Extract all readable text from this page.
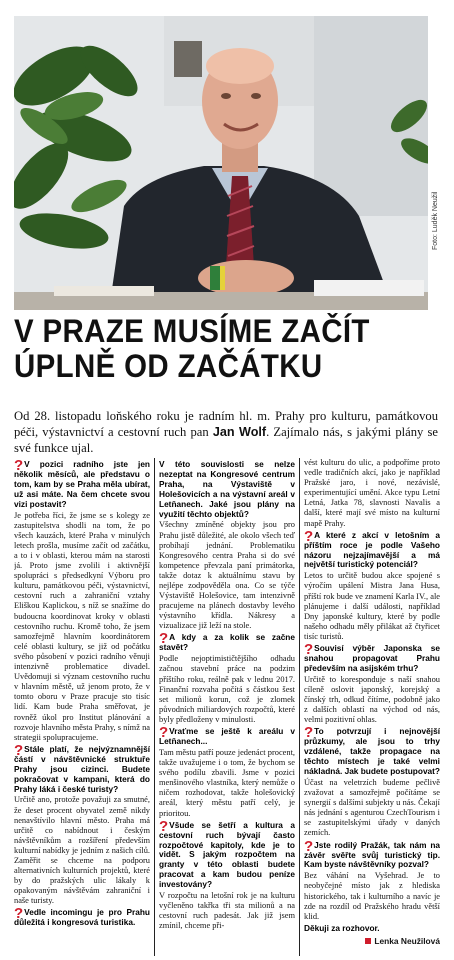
Foto: Luděk Neužil
V PRAZE MUSÍME ZAČÍT
ÚPLNĚ OD ZAČÁTKU
Od 28. listopadu loňského roku je radním hl. m. Prahy pro kulturu, památkovou péči, výstavnictví a cestovní ruch pan Jan Wolf. Zajímalo nás, s jakými plány se své funkce ujal.
?V pozici radního jste jen několik měsíců, ale představu o tom, kam by se Praha měla ubírat, už asi máte. Na čem chcete svou vizi postavit?
Je potřeba říci, že jsme se s kolegy ze zastupitelstva shodli na tom, že po všech kauzách, které Praha v minulých letech prošla, musíme začít od začátku, a to i v oblasti, kterou mám na starosti já. Proto jsme zvolili i aktivnější spolupráci s předsedkyní Výboru pro kulturu, památkovou péči, výstavnictví, cestovní ruch a zahraniční vztahy Eliškou Kaplickou, s níž se snažíme do budoucna koordinovat kroky v oblasti cestovního ruchu. Kromě toho, že jsem samozřejmě hlavním koordinátorem celé oblasti kultury, se již od počátku svého působení v pozici radního věnuji intenzivně problematice divadel. Uvědomuji si význam cestovního ruchu v hlavním městě, už jenom proto, že v tomto oboru v Praze pracuje sto tisíc lidí. Kam bude Praha směřovat, je rovněž úkol pro Institut plánování a rozvoje hlavního města Prahy, s nímž na strategii spolupracujeme.
?Stále platí, že nejvýznamnější částí v návštěvnické struktuře Prahy jsou cizinci. Budete pokračovat v kampani, která do Prahy láká i české turisty?
Určitě ano, protože považuji za smutné, že deset procent obyvatel země nikdy nenavštívilo hlavní město. Praha má určitě co nabídnout i českým návštěvníkům a rozšíření především kulturní nabídky je jedním z našich cílů. Zaměřit se chceme na podporu alternativních kulturních projektů, které by do pražských ulic lákaly k opakovaným návštěvám zahraniční i naše turisty.
?Vedle incomingu je pro Prahu důležitá i kongresová turistika.
V této souvislosti se nelze nezeptat na Kongresové centrum Praha, na Výstaviště v Holešovicích a na výstavní areál v Letňanech. Jaké jsou plány na využití těchto objektů?
Všechny zmíněné objekty jsou pro Prahu jistě důležité, ale okolo všech teď probíhají jednání. Problematiku Kongresového centra Praha si do své kompetence převzala paní primátorka, takže dotaz k aktuálnímu stavu by nejlépe zodpověděla ona. Co se týče Výstaviště Holešovice, tam intenzivně pracujeme na plánech dostavby levého výstavního křídla. Nákresy a vizualizace již leží na stole.
?A kdy a za kolik se začne stavět?
Podle nejoptimističtějšího odhadu začnou stavební práce na podzim příštího roku, reálně pak v lednu 2017. Finanční rozvaha počítá s částkou šest set milionů korun, což je zlomek původních miliardových rozpočtů, které byly předloženy v minulosti.
?Vraťme se ještě k areálu v Letňanech...
Tam městu patří pouze jedenáct procent, takže uvažujeme i o tom, že bychom se svého podílu zbavili. Jsme v pozici menšinového vlastníka, který nemůže o ničem rozhodovat, takže holešovický areál, který městu patří celý, je prioritou.
?Všude se šetří a kultura a cestovní ruch bývají často rozpočtové kapitoly, kde je to vidět. S jakým rozpočtem na granty v této oblasti budete pracovat a kam budou peníze investovány?
V rozpočtu na letošní rok je na kulturu vyčleněno takřka tři sta milionů a na cestovní ruch padesát. Jak již jsem zmínil, chceme při-
vést kulturu do ulic, a podpoříme proto vedle tradičních akcí, jako je například Pražské jaro, i nové, nezávislé, experimentující umění. Akce typu Letní Letná, Jatka 78, slavnosti Navalis a další, které mají své místo na kulturní mapě Prahy.
?A které z akcí v letošním a příštím roce je podle Vašeho názoru nejzajímavější a má největší turistický potenciál?
Letos to určitě budou akce spojené s výročím upálení Mistra Jana Husa, příští rok bude ve znamení Karla IV., ale plánujeme i další události, například Dny japonské kultury, které by podle našeho odhadu měly přilákat až čtyřicet tisíc turistů.
?Souvisí výběr Japonska se snahou propagovat Prahu především na asijském trhu?
Určitě to koresponduje s naší snahou cíleně oslovit japonský, korejský a čínský trh, odkud čítíme, podobně jako z dalších oblastí na východ od nás, velmi pozitivní ohlas.
?To potvrzují i nejnovější průzkumy, ale jsou to trhy vzdálené, takže propagace na těchto místech je také velmi nákladná. Jak budete postupovat?
Účast na veletrzích budeme pečlivě zvažovat a samozřejmě počítáme se synergií s dalšími subjekty u nás. Čekají nás jednání s agenturou CzechTourism i se zastupitelskými úřady v daných zemích.
?Jste rodilý Pražák, tak nám na závěr svěřte svůj turistický tip. Kam byste návštěvníky pozval?
Bez váhání na Vyšehrad. Je to neobyčejné místo jak z hlediska historického, tak i kulturního a navíc je zde na rozdíl od Pražského hradu větší klid.
Děkuji za rozhovor.
Lenka Neužilová
